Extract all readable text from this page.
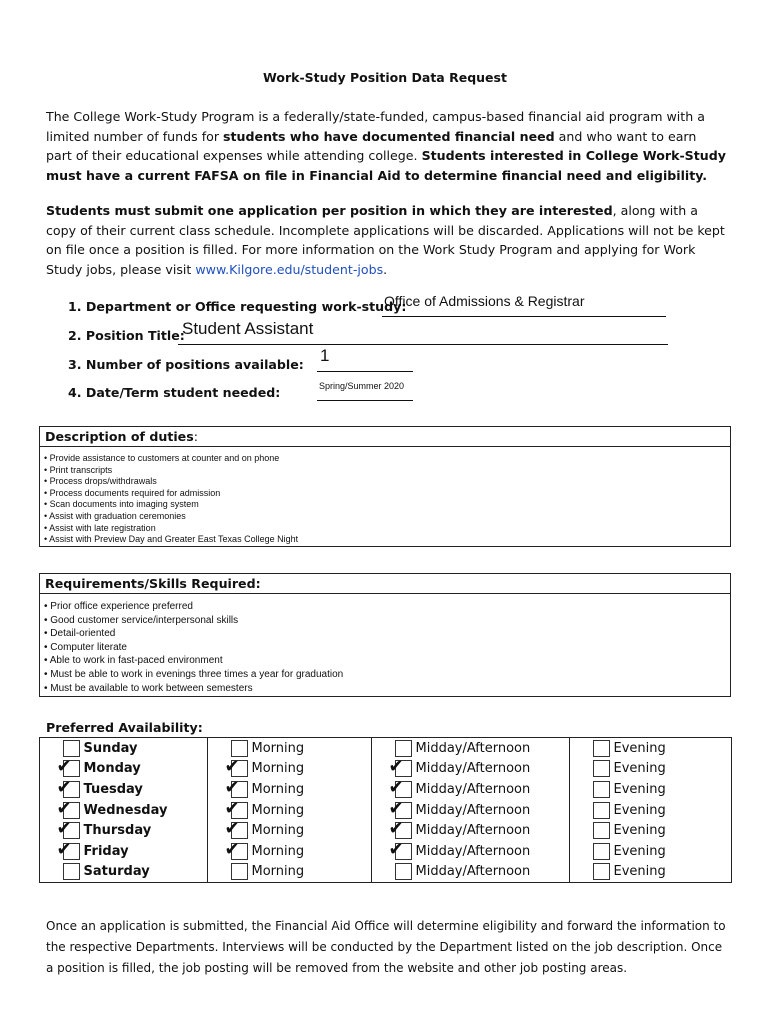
Work-Study Position Data Request
The College Work-Study Program is a federally/state-funded, campus-based financial aid program with a limited number of funds for students who have documented financial need and who want to earn part of their educational expenses while attending college. Students interested in College Work-Study must have a current FAFSA on file in Financial Aid to determine financial need and eligibility.
Students must submit one application per position in which they are interested, along with a copy of their current class schedule. Incomplete applications will be discarded. Applications will not be kept on file once a position is filled. For more information on the Work Study Program and applying for Work Study jobs, please visit www.Kilgore.edu/student-jobs.
1. Department or Office requesting work-study:
Office of Admissions & Registrar
2. Position Title:
Student Assistant
3. Number of positions available: 1
4. Date/Term student needed:	Spring/Summer 2020
Description of duties:
• Provide assistance to customers at counter and on phone
• Print transcripts
• Process drops/withdrawals
• Process documents required for admission
• Scan documents into imaging system
• Assist with graduation ceremonies
• Assist with late registration
• Assist with Preview Day and Greater East Texas College Night
Requirements/Skills Required:
• Prior office experience preferred
• Good customer service/interpersonal skills
• Detail-oriented
• Computer literate
• Able to work in fast-paced environment
• Must be able to work in evenings three times a year for graduation
• Must be available to work between semesters
Preferred Availability:
	Sunday		Morning		Midday/Afternoon		Evening

✔	Monday	✔	Morning	✔	Midday/Afternoon		Evening

✔	Tuesday	✔	Morning	✔	Midday/Afternoon		Evening

✔	Wednesday	✔	Morning	✔	Midday/Afternoon		Evening

✔	Thursday	✔	Morning	✔	Midday/Afternoon		Evening

✔	Friday	✔	Morning	✔	Midday/Afternoon		Evening
	Saturday		Morning		Midday/Afternoon		Evening
Once an application is submitted, the Financial Aid Office will determine eligibility and forward the information to the respective Departments. Interviews will be conducted by the Department listed on the job description. Once a position is filled, the job posting will be removed from the website and other job posting areas.
